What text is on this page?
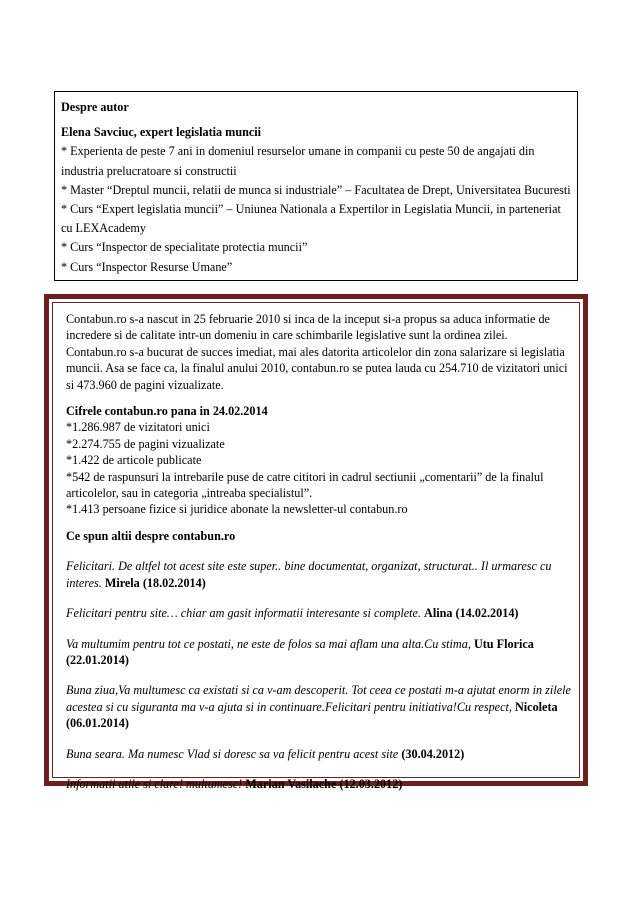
Despre autor

Elena Savciuc, expert legislatia muncii

* Experienta de peste 7 ani in domeniul resurselor umane in companii cu peste 50 de angajati din industria prelucratoare si constructii

* Master “Dreptul muncii, relatii de munca si industriale” – Facultatea de Drept, Universitatea Bucuresti

* Curs “Expert legislatia muncii” – Uniunea Nationala a Expertilor in Legislatia Muncii, in parteneriat cu LEXAcademy

* Curs “Inspector de specialitate protectia muncii”

* Curs “Inspector Resurse Umane”

Contabun.ro s-a nascut in 25 februarie 2010 si inca de la inceput si-a propus sa aduca informatie de incredere si de calitate intr-un domeniu in care schimbarile legislative sunt la ordinea zilei. Contabun.ro s-a bucurat de succes imediat, mai ales datorita articolelor din zona salarizare si legislatia muncii. Asa se face ca, la finalul anului 2010, contabun.ro se putea lauda cu 254.710 de vizitatori unici si 473.960 de pagini vizualizate.

Cifrele contabun.ro pana in 24.02.2014

*1.286.987 de vizitatori unici

*2.274.755 de pagini vizualizate

*1.422 de articole publicate

*542 de raspunsuri la intrebarile puse de catre cititori in cadrul sectiunii „comentarii” de la finalul articolelor, sau in categoria „intreaba specialistul”.

*1.413 persoane fizice si juridice abonate la newsletter-ul contabun.ro

Ce spun altii despre contabun.ro

Felicitari. De altfel tot acest site este super.. bine documentat, organizat, structurat.. Il urmaresc cu interes. Mirela (18.02.2014)

Felicitari pentru site… chiar am gasit informatii interesante si complete. Alina (14.02.2014)

Va multumim pentru tot ce postati, ne este de folos sa mai aflam una alta.Cu stima, Utu Florica (22.01.2014)

Buna ziua,Va multumesc ca existati si ca v-am descoperit. Tot ceea ce postati m-a ajutat enorm in zilele acestea si cu siguranta ma v-a ajuta si in continuare.Felicitari pentru initiativa!Cu respect, Nicoleta (06.01.2014)

Buna seara. Ma numesc Vlad si doresc sa va felicit pentru acest site (30.04.2012)

Informatii utile si clare! multumesc! Marian Vasilache (12.03.2012)
